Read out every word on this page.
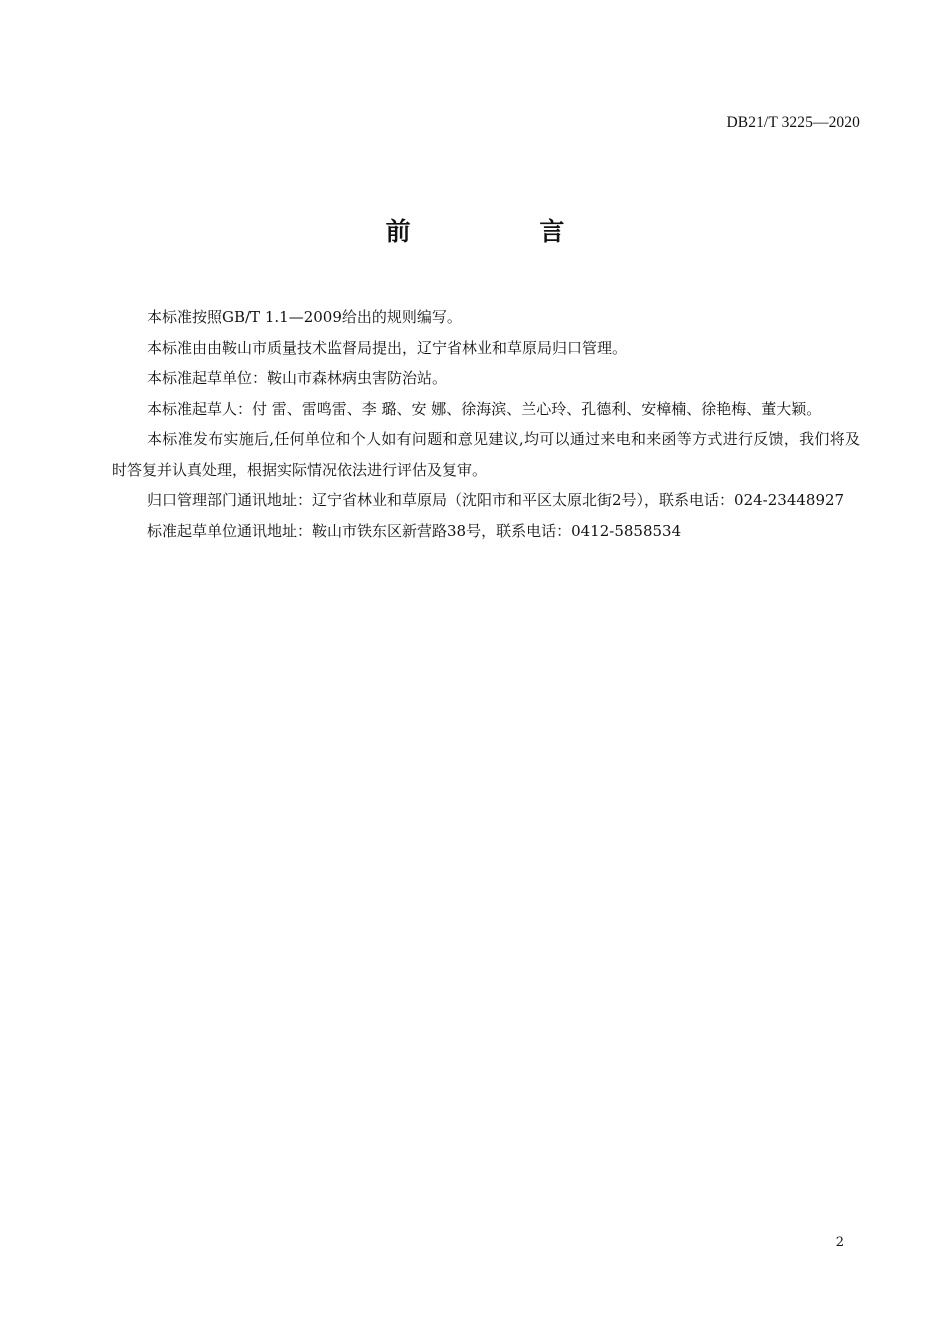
DB21/T 3225—2020
前 言

本标准按照GB/T 1.1—2009给出的规则编写。

本标准由由鞍山市质量技术监督局提出，辽宁省林业和草原局归口管理。

本标准起草单位：鞍山市森林病虫害防治站。

本标准起草人：付 雷、雷鸣雷、李 璐、安 娜、徐海滨、兰心玲、孔德利、安樟楠、徐艳梅、董大颖。

本标准发布实施后,任何单位和个人如有问题和意见建议,均可以通过来电和来函等方式进行反馈，我们将及时答复并认真处理，根据实际情况依法进行评估及复审。

归口管理部门通讯地址：辽宁省林业和草原局（沈阳市和平区太原北街2号），联系电话：024-23448927

标准起草单位通讯地址：鞍山市铁东区新营路38号，联系电话：0412-5858534

2
